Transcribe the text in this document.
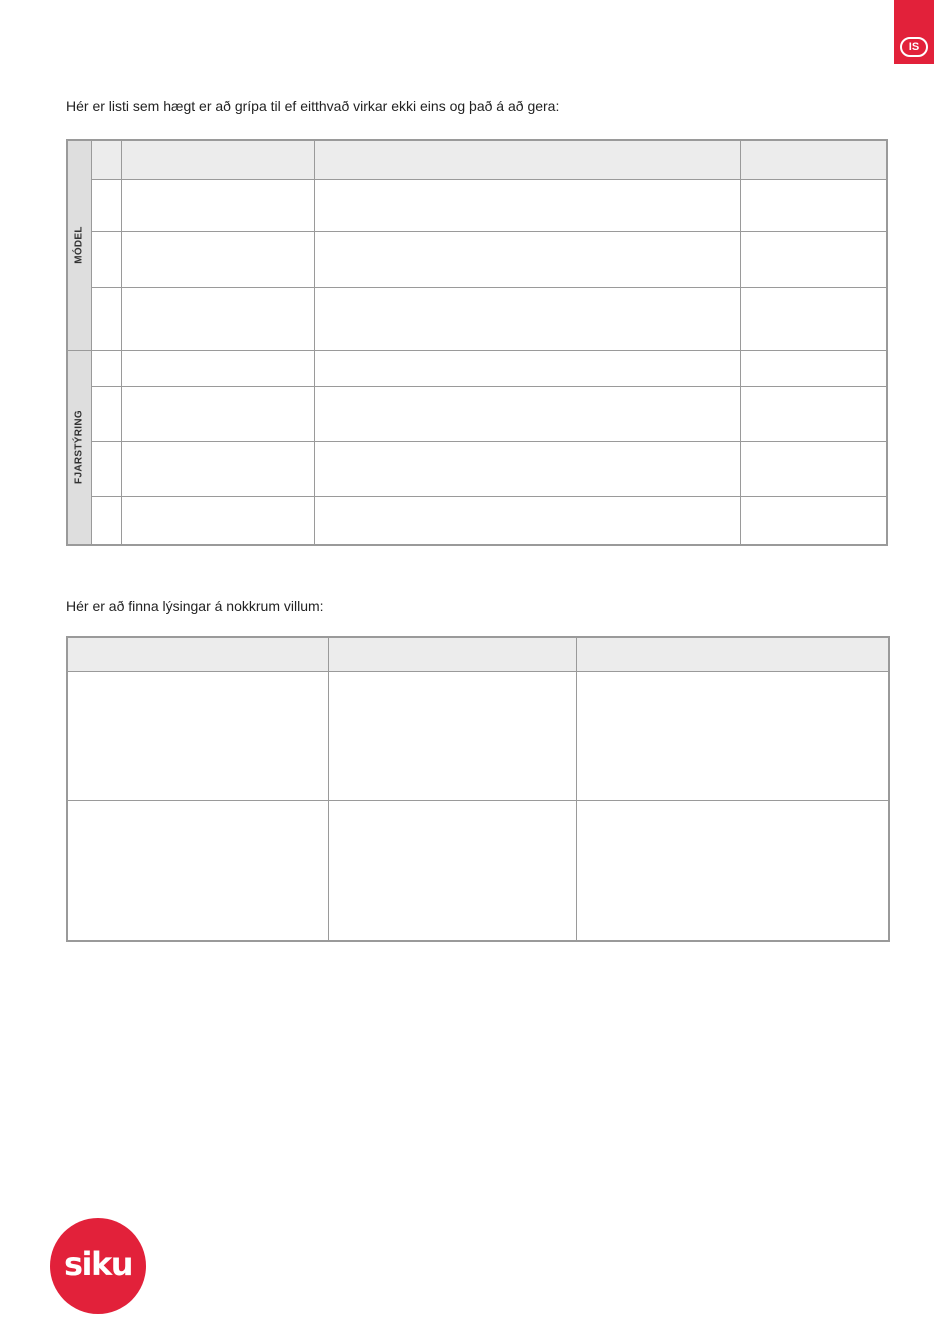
IS
Hér er listi sem hægt er að grípa til ef eitthvað virkar ekki eins og það á að gera:
MÓDEL				

FJARSTÝRING				

Hér er að finna lýsingar á nokkrum villum:

siku
